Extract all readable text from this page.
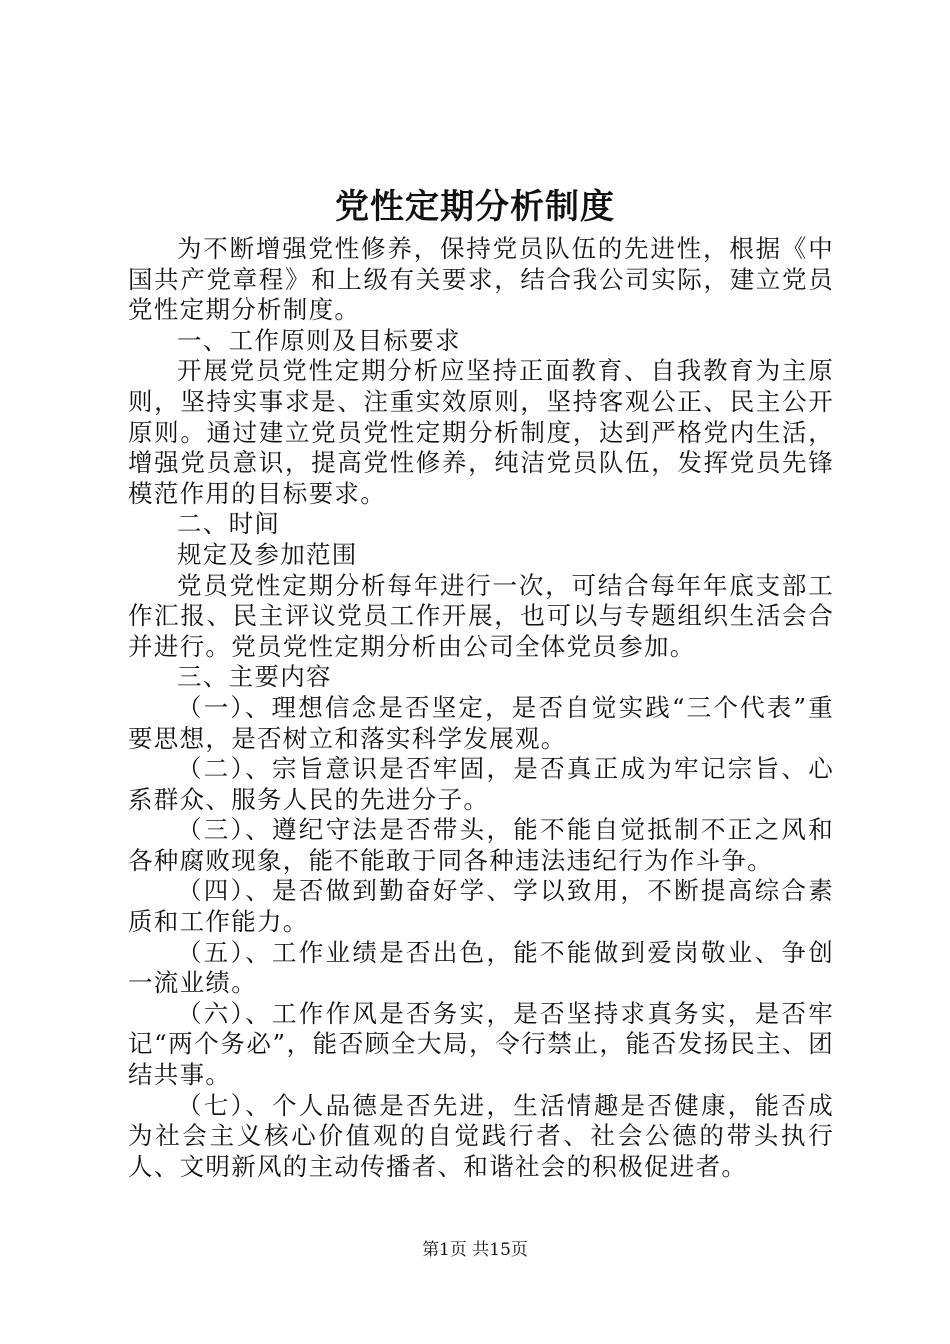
党性定期分析制度

为不断增强党性修养，保持党员队伍的先进性，根据《中国共产党章程》和上级有关要求，结合我公司实际，建立党员党性定期分析制度。

一、工作原则及目标要求

开展党员党性定期分析应坚持正面教育、自我教育为主原则，坚持实事求是、注重实效原则，坚持客观公正、民主公开原则。通过建立党员党性定期分析制度，达到严格党内生活，增强党员意识，提高党性修养，纯洁党员队伍，发挥党员先锋模范作用的目标要求。

二、时间

规定及参加范围

党员党性定期分析每年进行一次，可结合每年年底支部工作汇报、民主评议党员工作开展，也可以与专题组织生活会合并进行。党员党性定期分析由公司全体党员参加。

三、主要内容

（一）、理想信念是否坚定，是否自觉实践“三个代表”重要思想，是否树立和落实科学发展观。

（二）、宗旨意识是否牢固，是否真正成为牢记宗旨、心系群众、服务人民的先进分子。

（三）、遵纪守法是否带头，能不能自觉抵制不正之风和各种腐败现象，能不能敢于同各种违法违纪行为作斗争。

（四）、是否做到勤奋好学、学以致用，不断提高综合素质和工作能力。

（五）、工作业绩是否出色，能不能做到爱岗敬业、争创一流业绩。

（六）、工作作风是否务实，是否坚持求真务实，是否牢记“两个务必”，能否顾全大局，令行禁止，能否发扬民主、团结共事。

（七）、个人品德是否先进，生活情趣是否健康，能否成为社会主义核心价值观的自觉践行者、社会公德的带头执行人、文明新风的主动传播者、和谐社会的积极促进者。

第1页 共15页
